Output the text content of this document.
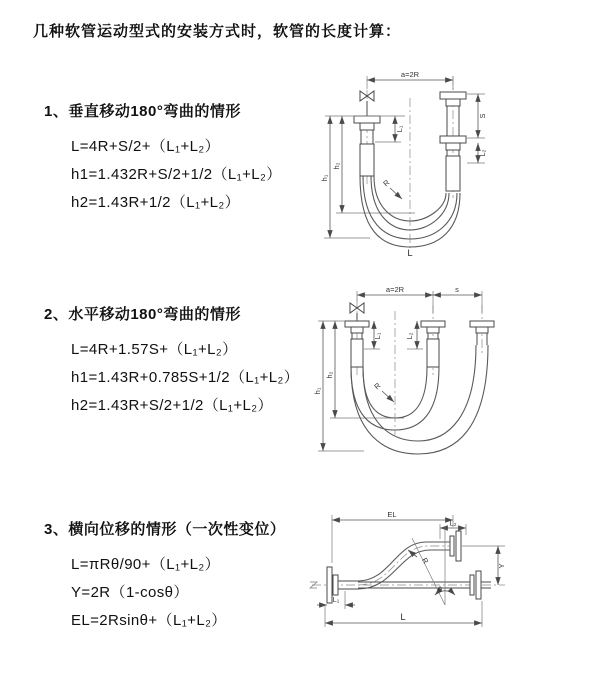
几种软管运动型式的安装方式时，软管的长度计算：
1、垂直移动180°弯曲的情形
L=4R+S/2+（L₁+L₂）
h1=1.432R+S/2+1/2（L₁+L₂）
h2=1.43R+1/2（L₁+L₂）
2、水平移动180°弯曲的情形
L=4R+1.57S+（L₁+L₂）
h1=1.43R+0.785S+1/2（L₁+L₂）
h2=1.43R+S/2+1/2（L₁+L₂）
3、横向位移的情形（一次性变位）
L=πRθ/90+（L₁+L₂）
Y=2R（1-cosθ）
EL=2Rsinθ+（L₁+L₂）
a=2R
S
L₂
L₁
h₁
h₂
R
L
a=2R	s
L₁	L₂
h₁
h₂
R
EL
L₂
Y
θ
R
L₁
L
